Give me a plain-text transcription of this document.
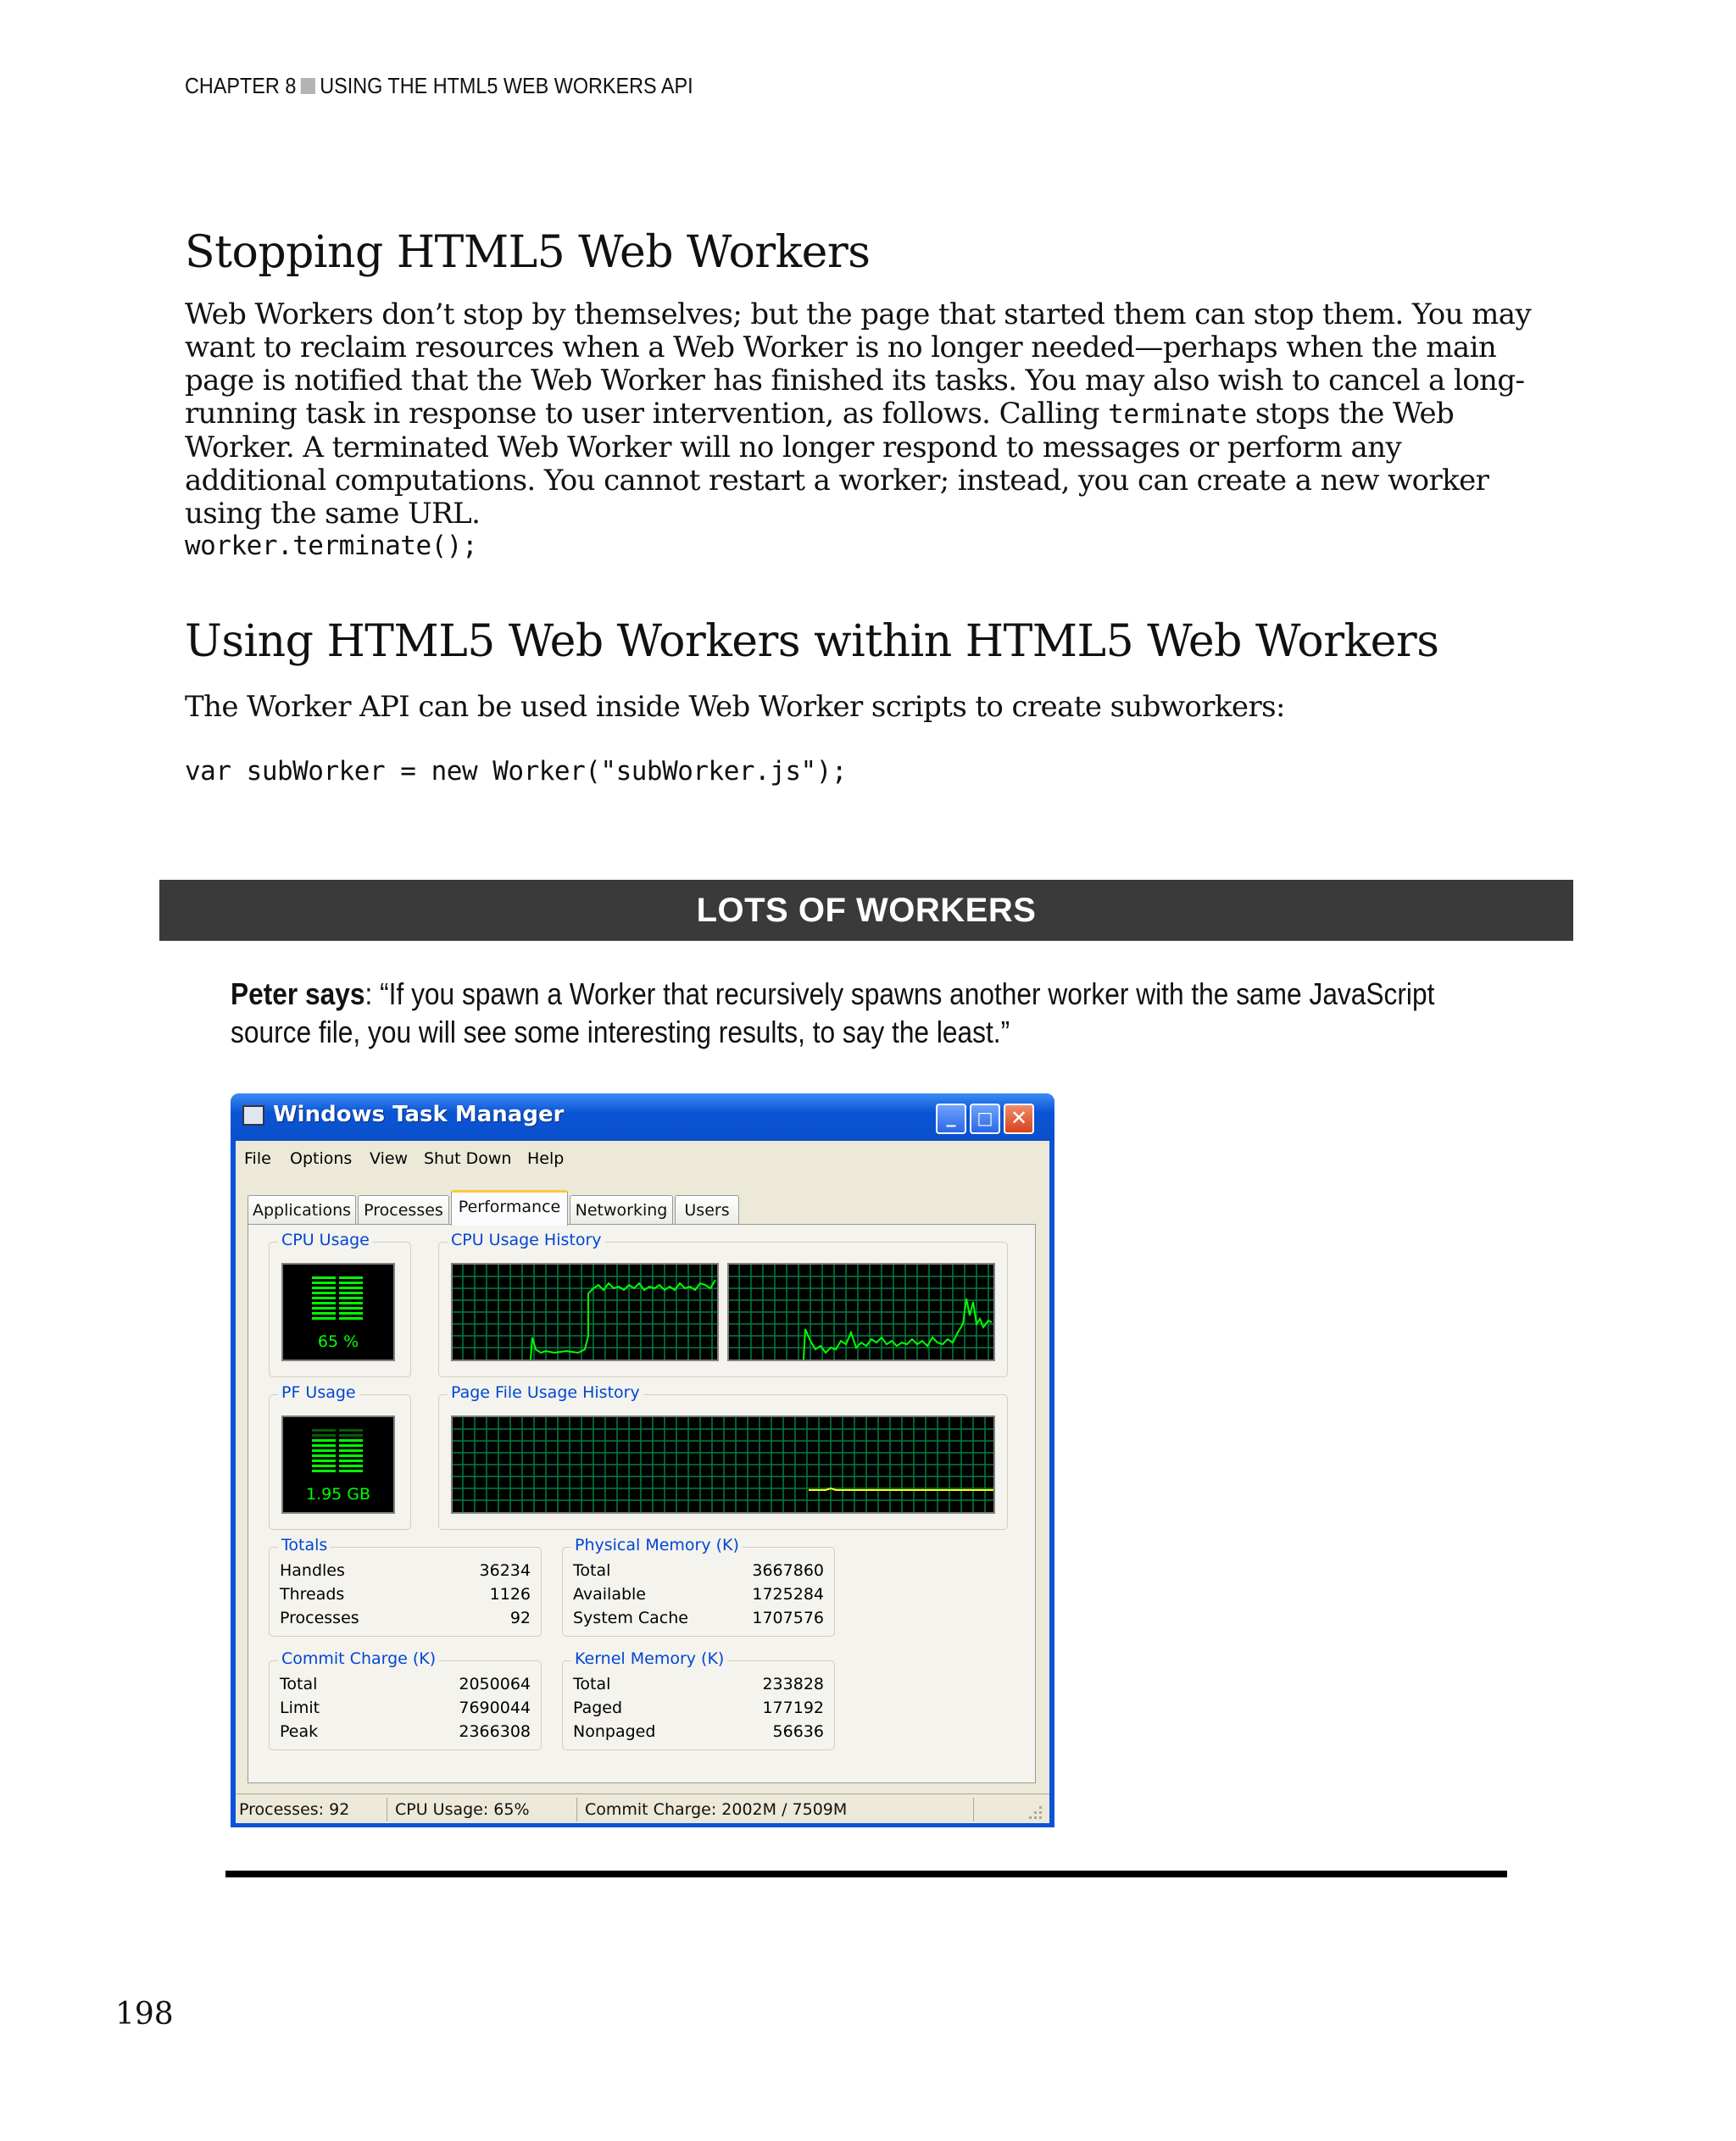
CHAPTER 8 USING THE HTML5 WEB WORKERS API
Stopping HTML5 Web Workers

Web Workers don’t stop by themselves; but the page that started them can stop them. You may want to reclaim resources when a Web Worker is no longer needed—perhaps when the main page is notified that the Web Worker has finished its tasks. You may also wish to cancel a long-running task in response to user intervention, as follows. Calling terminate stops the Web Worker. A terminated Web Worker will no longer respond to messages or perform any additional computations. You cannot restart a worker; instead, you can create a new worker using the same URL.

worker.terminate();

Using HTML5 Web Workers within HTML5 Web Workers

The Worker API can be used inside Web Worker scripts to create subworkers:

var subWorker = new Worker("subWorker.js");

LOTS OF WORKERS

Peter says: “If you spawn a Worker that recursively spawns another worker with the same JavaScript source file, you will see some interesting results, to say the least.”

Windows Task Manager	_	□ ✕
File Options View Shut Down Help
Applications Processes Performance Networking	Users
CPU Usage
65 %
CPU Usage History
PF Usage
1.95 GB
Page File Usage History
Totals
Handles	36234
Threads	1126
Processes	92
Physical Memory (K)
Total	3667860
Available	1725284
System Cache	1707576
Commit Charge (K)
Total	2050064
Limit	7690044
Peak	2366308
Kernel Memory (K)
Total	233828
Paged	177192
Nonpaged	56636
Processes: 92	CPU Usage: 65%	Commit Charge: 2002M / 7509M
198
